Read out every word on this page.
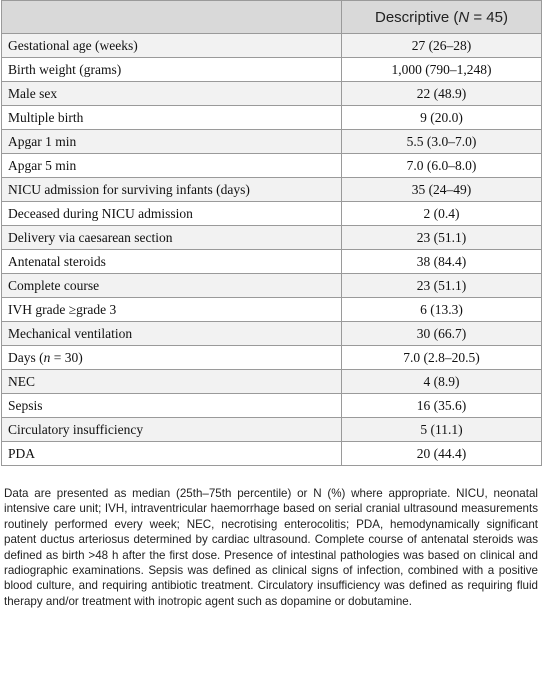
	Descriptive (N = 45)
Gestational age (weeks)	27 (26–28)
Birth weight (grams)	1,000 (790–1,248)
Male sex	22 (48.9)
Multiple birth	9 (20.0)
Apgar 1 min	5.5 (3.0–7.0)
Apgar 5 min	7.0 (6.0–8.0)
NICU admission for surviving infants (days)	35 (24–49)
Deceased during NICU admission	2 (0.4)
Delivery via caesarean section	23 (51.1)
Antenatal steroids	38 (84.4)
Complete course	23 (51.1)
IVH grade ≥grade 3	6 (13.3)
Mechanical ventilation	30 (66.7)
Days (n = 30)	7.0 (2.8–20.5)
NEC	4 (8.9)
Sepsis	16 (35.6)
Circulatory insufficiency	5 (11.1)
PDA	20 (44.4)

Data are presented as median (25th–75th percentile) or N (%) where appropriate. NICU, neonatal intensive care unit; IVH, intraventricular haemorrhage based on serial cranial ultrasound measurements routinely performed every week; NEC, necrotising enterocolitis; PDA, hemodynamically significant patent ductus arteriosus determined by cardiac ultrasound. Complete course of antenatal steroids was defined as birth >48 h after the first dose. Presence of intestinal pathologies was based on clinical and radiographic examinations. Sepsis was defined as clinical signs of infection, combined with a positive blood culture, and requiring antibiotic treatment. Circulatory insufficiency was defined as requiring fluid therapy and/or treatment with inotropic agent such as dopamine or dobutamine.
